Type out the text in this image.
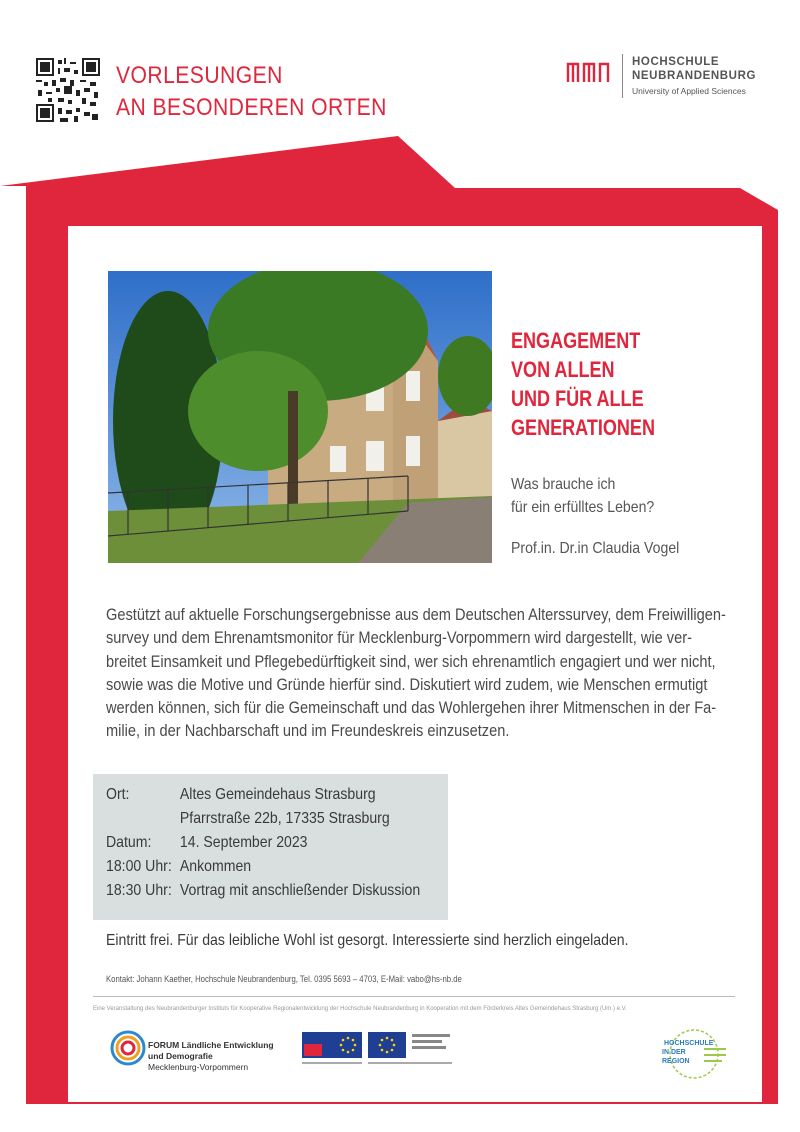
VORLESUNGEN
AN BESONDEREN ORTEN
HOCHSCHULE
NEUBRANDENBURG
University of Applied Sciences
ENGAGEMENT
VON ALLEN
UND FÜR ALLE
GENERATIONEN
Was brauche ich
für ein erfülltes Leben?
Prof.in. Dr.in Claudia Vogel
Gestützt auf aktuelle Forschungsergebnisse aus dem Deutschen Alterssurvey, dem Freiwilligen-
survey und dem Ehrenamtsmonitor für Mecklenburg-Vorpommern wird dargestellt, wie ver-
breitet Einsamkeit und Pflegebedürftigkeit sind, wer sich ehrenamtlich engagiert und wer nicht,
sowie was die Motive und Gründe hierfür sind. Diskutiert wird zudem, wie Menschen ermutigt
werden können, sich für die Gemeinschaft und das Wohlergehen ihrer Mitmenschen in der Fa-
milie, in der Nachbarschaft und im Freundeskreis einzusetzen.
Ort:	Altes Gemeindehaus Strasburg
Pfarrstraße 22b, 17335 Strasburg
Datum: 14. September 2023
18:00 Uhr: Ankommen
18:30 Uhr: Vortrag mit anschließender Diskussion
Eintritt frei. Für das leibliche Wohl ist gesorgt. Interessierte sind herzlich eingeladen.
Kontakt: Johann Kaether, Hochschule Neubrandenburg, Tel. 0395 5693 – 4703, E-Mail: vabo@hs-nb.de
Eine Veranstaltung des Neubrandenburger Instituts für Kooperative Regionalentwicklung der Hochschule Neubrandenburg in Kooperation mit dem Förderkreis Altes Gemeindehaus Strasburg (Um.) e.V.
FORUM Ländliche Entwicklung
und Demografie
Mecklenburg-Vorpommern
HOCHSCHULE
IN DER
REGION
